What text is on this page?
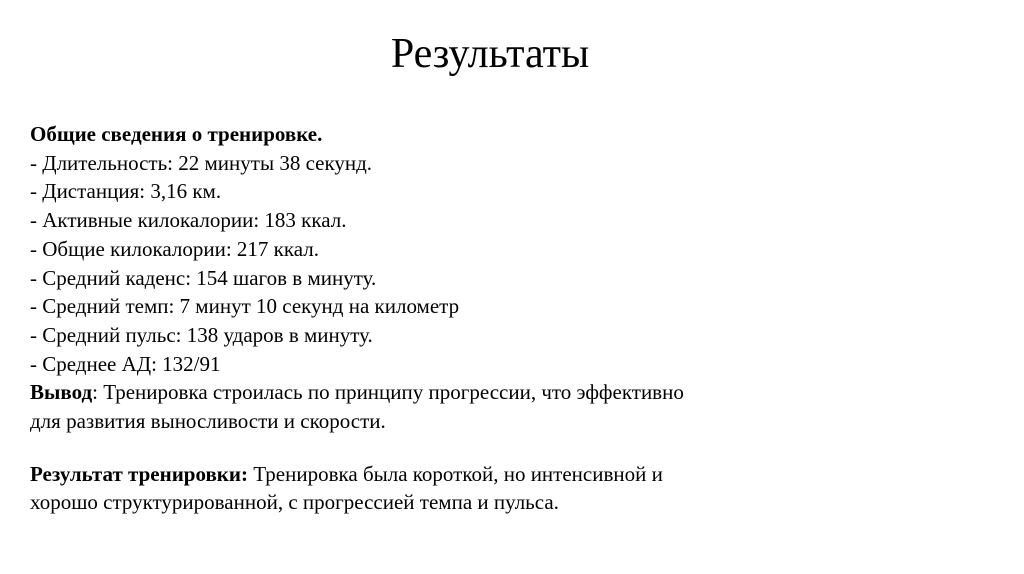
Результаты
Общие сведения о тренировке.
- Длительность: 22 минуты 38 секунд.
- Дистанция: 3,16 км.
- Активные килокалории: 183 ккал.
- Общие килокалории: 217 ккал.
- Средний каденс: 154 шагов в минуту.
- Средний темп: 7 минут 10 секунд на километр
- Средний пульс: 138 ударов в минуту.
- Среднее АД: 132/91
Вывод: Тренировка строилась по принципу прогрессии, что эффективно
для развития выносливости и скорости.
Результат тренировки: Тренировка была короткой, но интенсивной и
хорошо структурированной, с прогрессией темпа и пульса.
